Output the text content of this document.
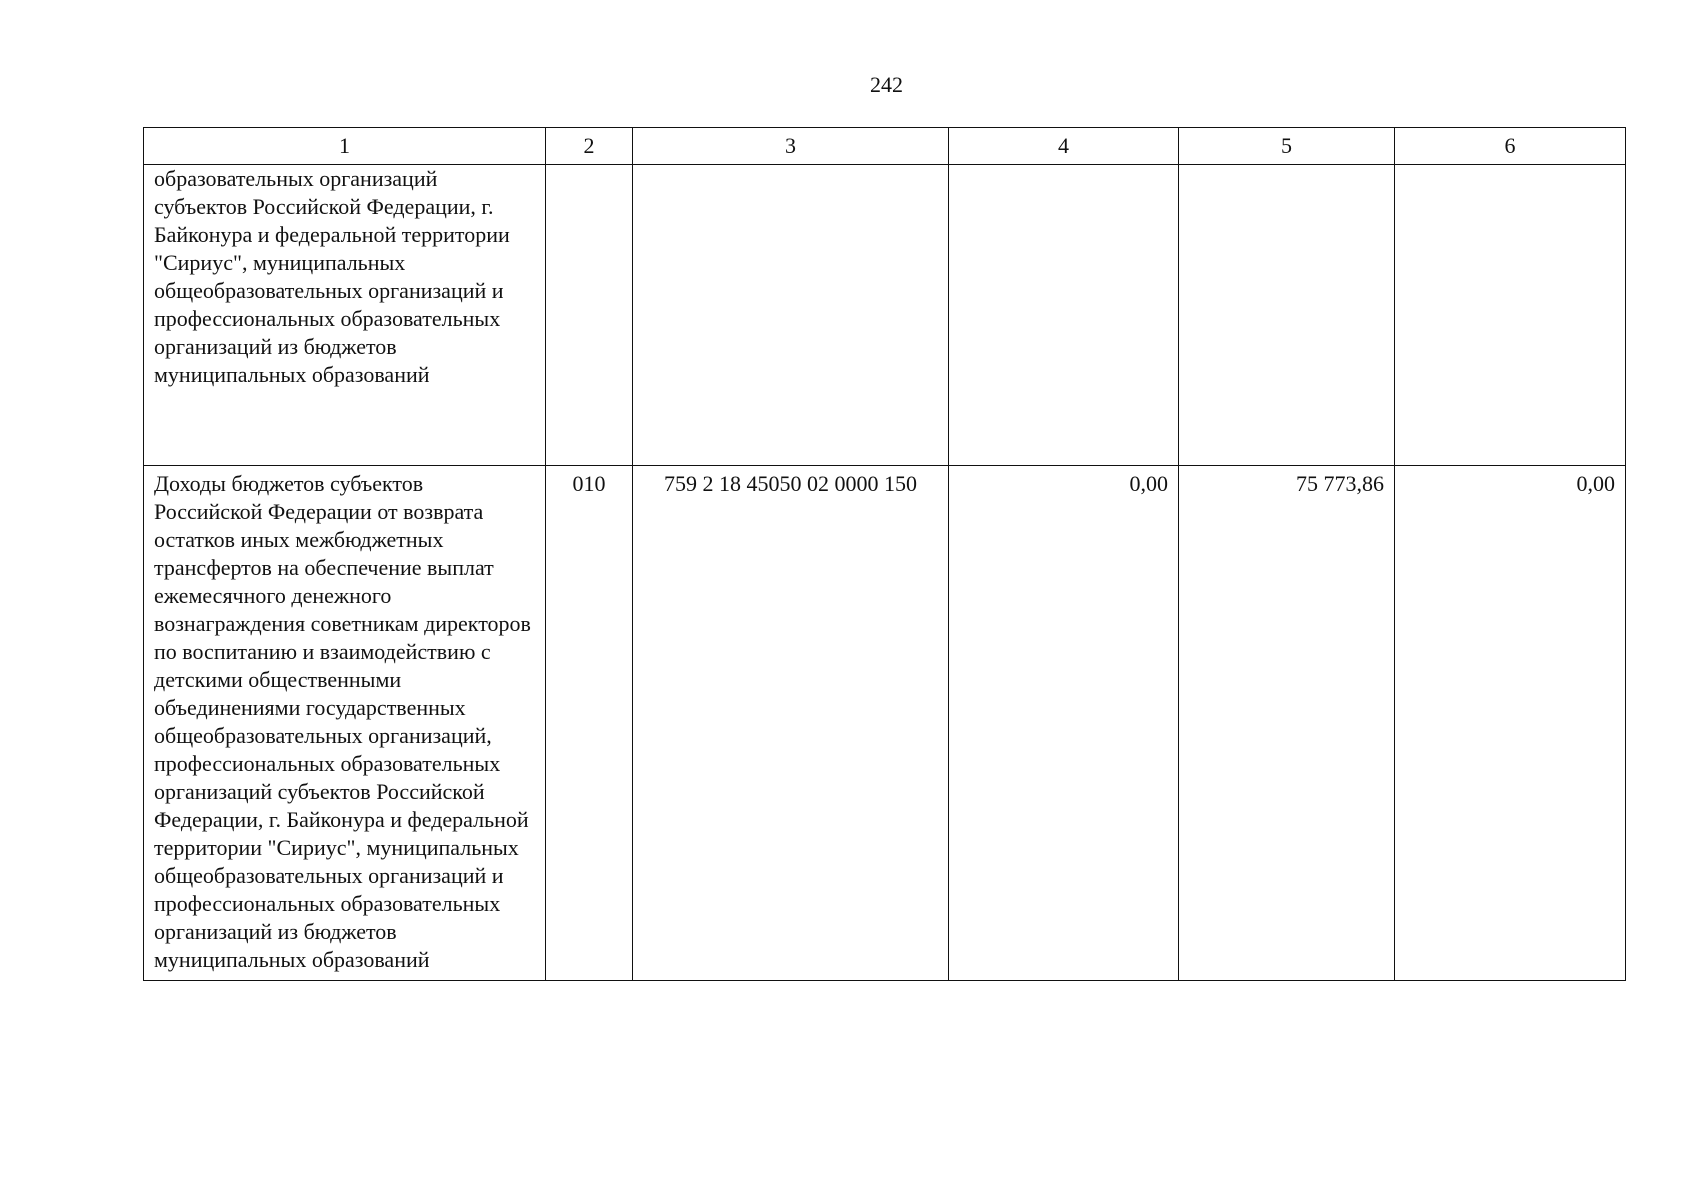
242
1	2	3	4	5	6
образовательных организаций субъектов Российской Федерации, г. Байконура и федеральной территории "Сириус", муниципальных общеобразовательных организаций и профессиональных образовательных организаций из бюджетов муниципальных образований					
Доходы бюджетов субъектов Российской Федерации от возврата остатков иных межбюджетных трансфертов на обеспечение выплат ежемесячного денежного вознаграждения советникам директоров по воспитанию и взаимодействию с детскими общественными объединениями государственных общеобразовательных организаций, профессиональных образовательных организаций субъектов Российской Федерации, г. Байконура и федеральной территории "Сириус", муниципальных общеобразовательных организаций и профессиональных образовательных организаций из бюджетов муниципальных образований	010	759 2 18 45050 02 0000 150	0,00	75 773,86	0,00
